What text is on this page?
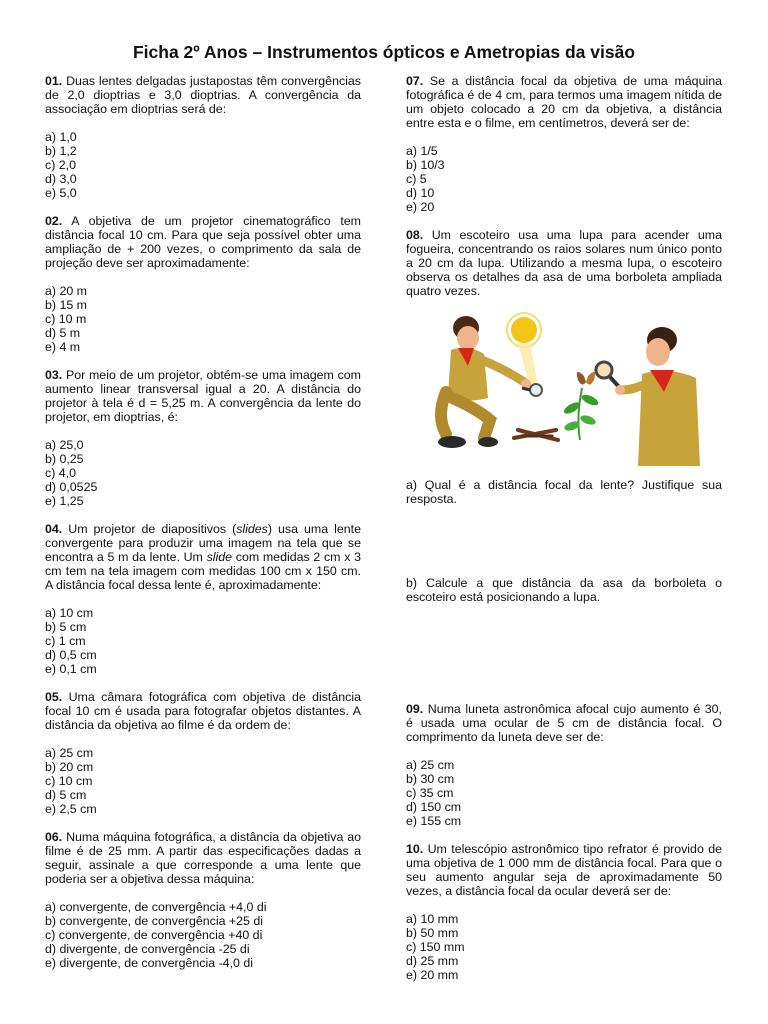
Ficha 2º Anos – Instrumentos ópticos e Ametropias da visão

01. Duas lentes delgadas justapostas têm convergências de 2,0 dioptrias e 3,0 dioptrias. A convergência da associação em dioptrias será de:

a) 1,0
b) 1,2
c) 2,0
d) 3,0
e) 5,0

02. A objetiva de um projetor cinematográfico tem distância focal 10 cm. Para que seja possível obter uma ampliação de + 200 vezes, o comprimento da sala de projeção deve ser aproximadamente:

a) 20 m
b) 15 m
c) 10 m
d) 5 m
e) 4 m

03. Por meio de um projetor, obtém-se uma imagem com aumento linear transversal igual a 20. A distância do projetor à tela é d = 5,25 m. A convergência da lente do projetor, em dioptrias, é:

a) 25,0
b) 0,25
c) 4,0
d) 0,0525
e) 1,25

04. Um projetor de diapositivos (slides) usa uma lente convergente para produzir uma imagem na tela que se encontra a 5 m da lente. Um slide com medidas 2 cm x 3 cm tem na tela imagem com medidas 100 cm x 150 cm. A distância focal dessa lente é, aproximadamente:

a) 10 cm
b) 5 cm
c) 1 cm
d) 0,5 cm
e) 0,1 cm

05. Uma câmara fotográfica com objetiva de distância focal 10 cm é usada para fotografar objetos distantes. A distância da objetiva ao filme é da ordem de:

a) 25 cm
b) 20 cm
c) 10 cm
d) 5 cm
e) 2,5 cm

06. Numa máquina fotográfica, a distância da objetiva ao filme é de 25 mm. A partir das especificações dadas a seguir, assinale a que corresponde a uma lente que poderia ser a objetiva dessa máquina:

a) convergente, de convergência +4,0 di
b) convergente, de convergência +25 di
c) convergente, de convergência +40 di
d) divergente, de convergência -25 di
e) divergente, de convergência -4,0 di

07. Se a distância focal da objetiva de uma máquina fotográfica é de 4 cm, para termos uma imagem nítida de um objeto colocado a 20 cm da objetiva, a distância entre esta e o filme, em centímetros, deverá ser de:

a) 1/5
b) 10/3
c) 5
d) 10
e) 20

08. Um escoteiro usa uma lupa para acender uma fogueira, concentrando os raios solares num único ponto a 20 cm da lupa. Utilizando a mesma lupa, o escoteiro observa os detalhes da asa de uma borboleta ampliada quatro vezes.

a) Qual é a distância focal da lente? Justifique sua resposta.

b) Calcule a que distância da asa da borboleta o escoteiro está posicionando a lupa.

09. Numa luneta astronômica afocal cujo aumento é 30, é usada uma ocular de 5 cm de distância focal. O comprimento da luneta deve ser de:

a) 25 cm
b) 30 cm
c) 35 cm
d) 150 cm
e) 155 cm

10. Um telescópio astronômico tipo refrator é provido de uma objetiva de 1 000 mm de distância focal. Para que o seu aumento angular seja de aproximadamente 50 vezes, a distância focal da ocular deverá ser de:

a) 10 mm
b) 50 mm
c) 150 mm
d) 25 mm
e) 20 mm
